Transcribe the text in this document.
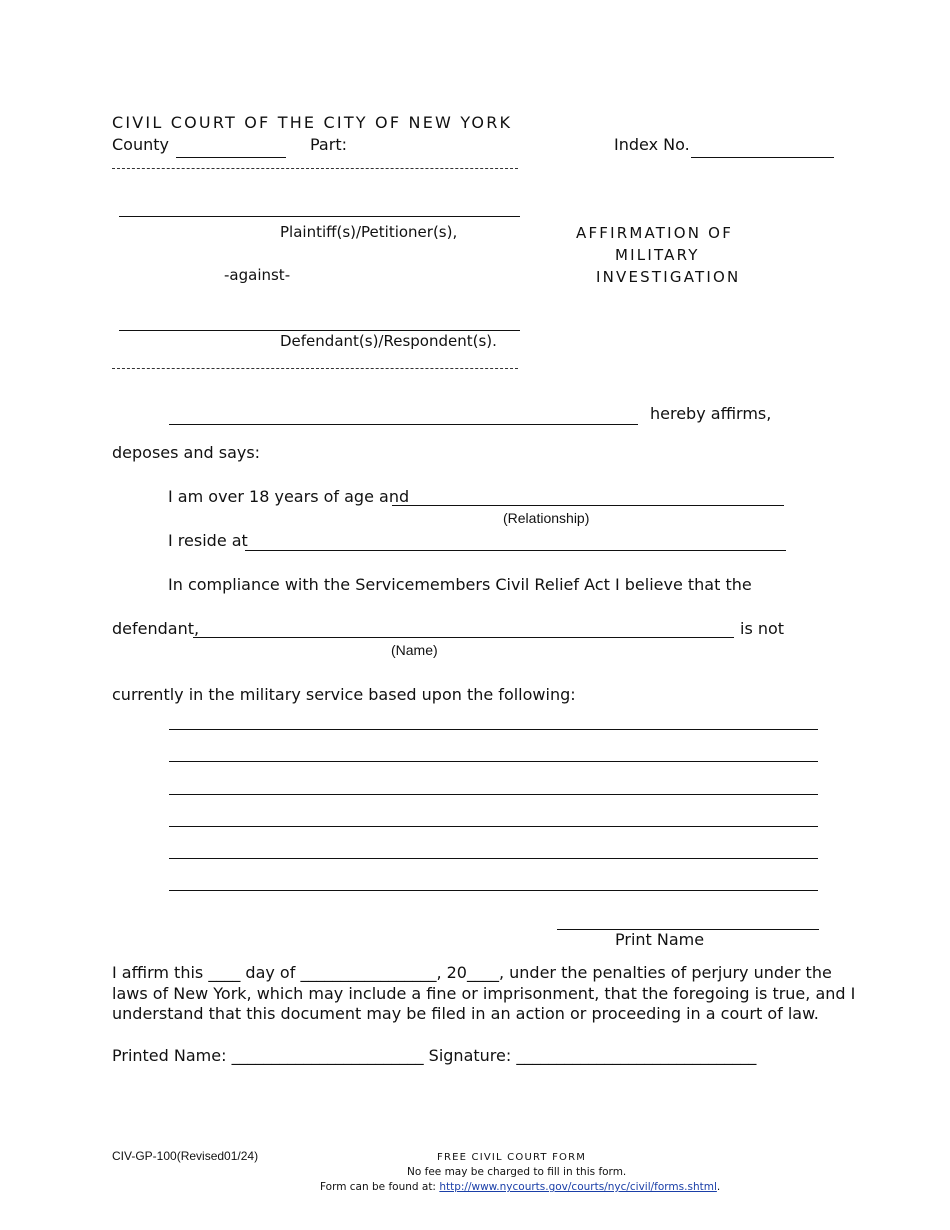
CIVIL COURT OF THE CITY OF NEW YORK
County	Part:	Index No.
Plaintiff(s)/Petitioner(s),
-against-
Defendant(s)/Respondent(s).
AFFIRMATION OF
MILITARY
INVESTIGATION
hereby affirms,
deposes and says:
I am over 18 years of age and
(Relationship)
I reside at
In compliance with the Servicemembers Civil Relief Act I believe that the
defendant,	is not
(Name)
currently in the military service based upon the following:
Print Name
I affirm this ____ day of _________________, 20____, under the penalties of perjury under the
laws of New York, which may include a fine or imprisonment, that the foregoing is true, and I
understand that this document may be filed in an action or proceeding in a court of law.
Printed Name: ________________________ Signature: ______________________________
CIV-GP-100(Revised01/24)	FREE CIVIL COURT FORM
No fee may be charged to fill in this form.
Form can be found at: http://www.nycourts.gov/courts/nyc/civil/forms.shtml.
